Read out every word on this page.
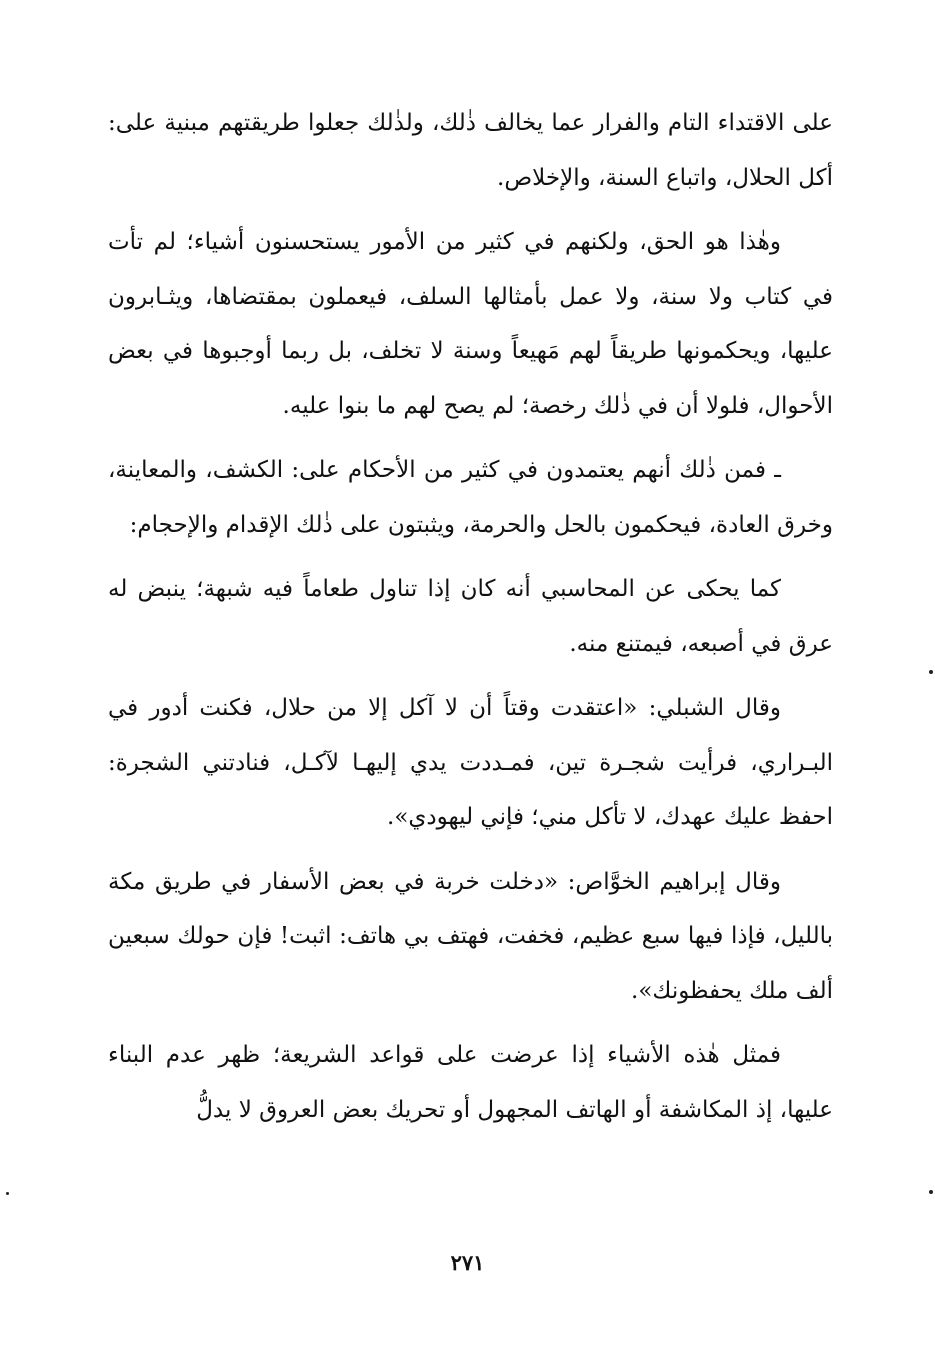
على الاقتداء التام والفرار عما يخالف ذٰلك، ولذٰلك جعلوا طريقتهم مبنية على: أكل الحلال، واتباع السنة، والإخلاص.

وهٰذا هو الحق، ولكنهم في كثير من الأمور يستحسنون أشياء؛ لم تأت في كتاب ولا سنة، ولا عمل بأمثالها السلف، فيعملون بمقتضاها، ويثـابرون عليها، ويحكمونها طريقاً لهم مَهيعاً وسنة لا تخلف، بل ربما أوجبوها في بعض الأحوال، فلولا أن في ذٰلك رخصة؛ لم يصح لهم ما بنوا عليه.

ـ فمن ذٰلك أنهم يعتمدون في كثير من الأحكام على: الكشف، والمعاينة، وخرق العادة، فيحكمون بالحل والحرمة، ويثبتون على ذٰلك الإقدام والإحجام:

كما يحكى عن المحاسبي أنه كان إذا تناول طعاماً فيه شبهة؛ ينبض له عرق في أصبعه، فيمتنع منه.

وقال الشبلي: «اعتقدت وقتاً أن لا آكل إلا من حلال، فكنت أدور في البـراري، فرأيت شجـرة تين، فمـددت يدي إليهـا لآكـل، فنادتني الشجرة: احفظ عليك عهدك، لا تأكل مني؛ فإني ليهودي».

وقال إبراهيم الخوَّاص: «دخلت خربة في بعض الأسفار في طريق مكة بالليل، فإذا فيها سبع عظيم، فخفت، فهتف بي هاتف: اثبت! فإن حولك سبعين ألف ملك يحفظونك».

فمثل هٰذه الأشياء إذا عرضت على قواعد الشريعة؛ ظهر عدم البناء عليها، إذ المكاشفة أو الهاتف المجهول أو تحريك بعض العروق لا يدلُّ

٢٧١
